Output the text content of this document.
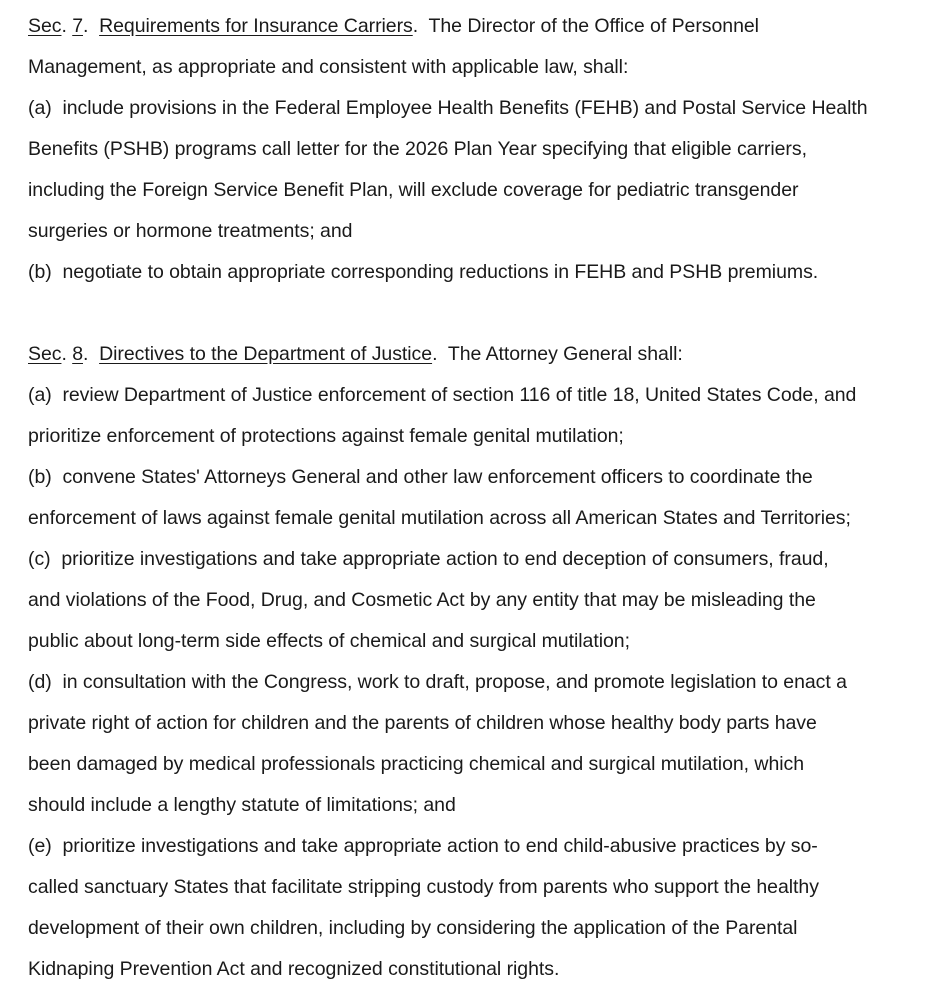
Sec. 7.  Requirements for Insurance Carriers.  The Director of the Office of Personnel
Management, as appropriate and consistent with applicable law, shall:
(a) include provisions in the Federal Employee Health Benefits (FEHB) and Postal Service Health
Benefits (PSHB) programs call letter for the 2026 Plan Year specifying that eligible carriers,
including the Foreign Service Benefit Plan, will exclude coverage for pediatric transgender
surgeries or hormone treatments; and
(b) negotiate to obtain appropriate corresponding reductions in FEHB and PSHB premiums.
Sec. 8.  Directives to the Department of Justice.  The Attorney General shall:
(a) review Department of Justice enforcement of section 116 of title 18, United States Code, and
prioritize enforcement of protections against female genital mutilation;
(b) convene States' Attorneys General and other law enforcement officers to coordinate the
enforcement of laws against female genital mutilation across all American States and Territories;
(c) prioritize investigations and take appropriate action to end deception of consumers, fraud,
and violations of the Food, Drug, and Cosmetic Act by any entity that may be misleading the
public about long-term side effects of chemical and surgical mutilation;
(d) in consultation with the Congress, work to draft, propose, and promote legislation to enact a
private right of action for children and the parents of children whose healthy body parts have
been damaged by medical professionals practicing chemical and surgical mutilation, which
should include a lengthy statute of limitations; and
(e) prioritize investigations and take appropriate action to end child-abusive practices by so-
called sanctuary States that facilitate stripping custody from parents who support the healthy
development of their own children, including by considering the application of the Parental
Kidnaping Prevention Act and recognized constitutional rights.
